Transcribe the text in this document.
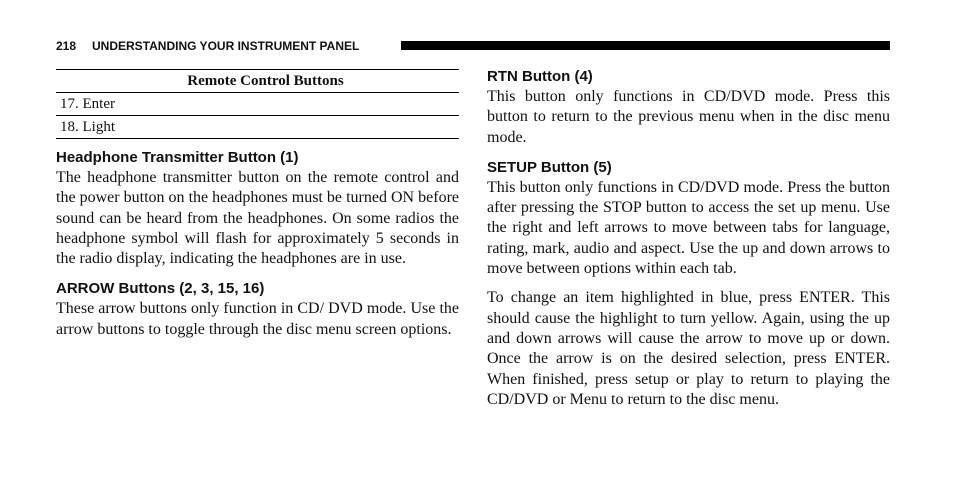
218 UNDERSTANDING YOUR INSTRUMENT PANEL
Remote Control Buttons
17. Enter
18. Light
Headphone Transmitter Button (1)

The headphone transmitter button on the remote control and the power button on the headphones must be turned ON before sound can be heard from the headphones. On some radios the headphone symbol will flash for approximately 5 seconds in the radio display, indicating the headphones are in use.

ARROW Buttons (2, 3, 15, 16)

These arrow buttons only function in CD/ DVD mode. Use the arrow buttons to toggle through the disc menu screen options.

RTN Button (4)

This button only functions in CD/DVD mode. Press this button to return to the previous menu when in the disc menu mode.

SETUP Button (5)

This button only functions in CD/DVD mode. Press the button after pressing the STOP button to access the set up menu. Use the right and left arrows to move between tabs for language, rating, mark, audio and aspect. Use the up and down arrows to move between options within each tab.

To change an item highlighted in blue, press ENTER. This should cause the highlight to turn yellow. Again, using the up and down arrows will cause the arrow to move up or down. Once the arrow is on the desired selection, press ENTER. When finished, press setup or play to return to playing the CD/DVD or Menu to return to the disc menu.
